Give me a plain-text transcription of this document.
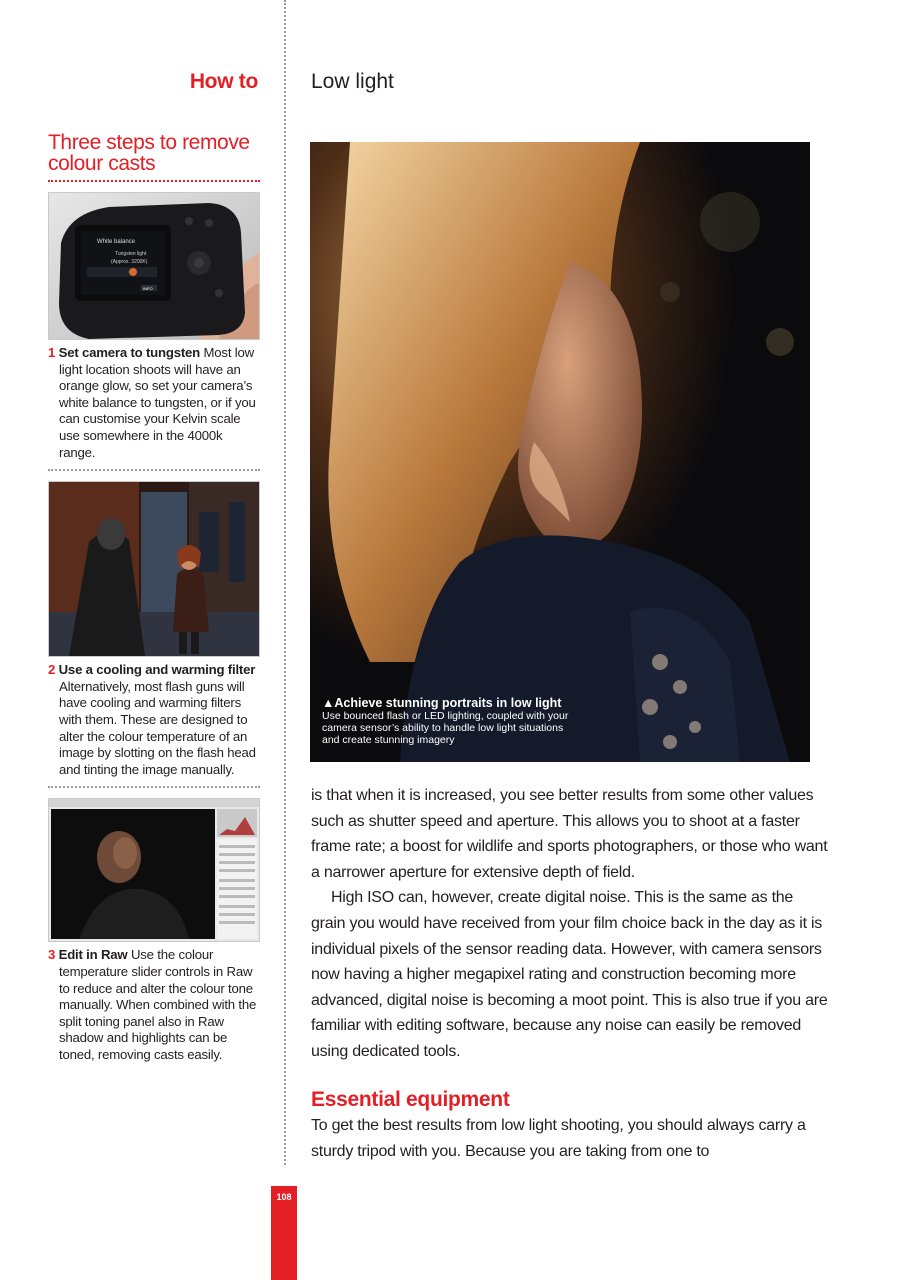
How to	Low light
Three steps to remove
colour casts
White balance
Tungsten light
(Approx. 3200K)
INFO
1 Set camera to tungsten Most low light location shoots will have an orange glow, so set your camera’s white balance to tungsten, or if you can customise your Kelvin scale use somewhere in the 4000k range.
2 Use a cooling and warming filter Alternatively, most flash guns will have cooling and warming filters with them. These are designed to alter the colour temperature of an image by slotting on the flash head and tinting the image manually.
3 Edit in Raw Use the colour temperature slider controls in Raw to reduce and alter the colour tone manually. When combined with the split toning panel also in Raw shadow and highlights can be toned, removing casts easily.
▲Achieve stunning portraits in low light
Use bounced flash or LED lighting, coupled with your camera sensor’s ability to handle low light situations and create stunning imagery

is that when it is increased, you see better results from some other values such as shutter speed and aperture. This allows you to shoot at a faster frame rate; a boost for wildlife and sports photographers, or those who want a narrower aperture for extensive depth of field.

High ISO can, however, create digital noise. This is the same as the grain you would have received from your film choice back in the day as it is individual pixels of the sensor reading data. However, with camera sensors now having a higher megapixel rating and construction becoming more advanced, digital noise is becoming a moot point. This is also true if you are familiar with editing software, because any noise can easily be removed using dedicated tools.

Essential equipment

To get the best results from low light shooting, you should always carry a sturdy tripod with you. Because you are taking from one to

108
